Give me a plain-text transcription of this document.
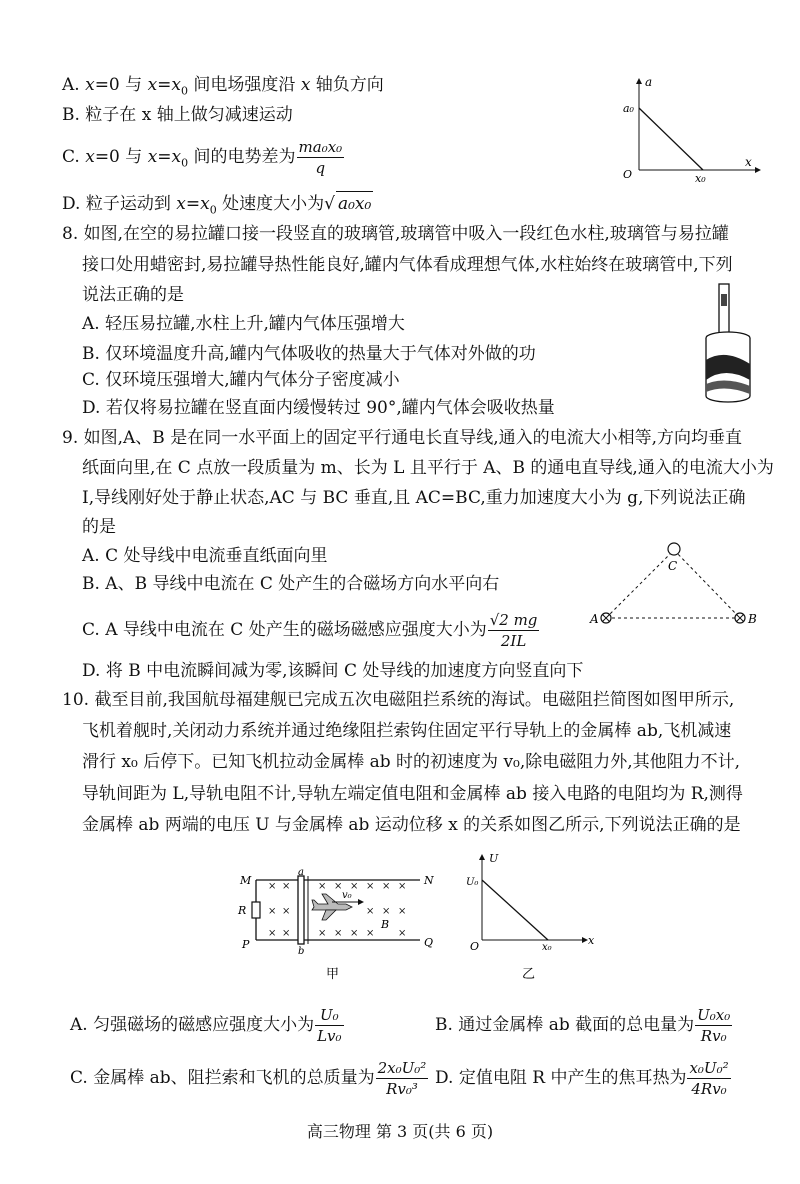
A. x=0 与 $x=x_0$ 间电场强度沿 x 轴负方向
B. 粒子在 x 轴上做匀减速运动
C. x=0 与 $x=x_0$ 间的电势差为 $\frac{\text{ma₀x₀}}{q}$
D. 粒子运动到 $x=x_0$ 处速度大小为√ a₀x₀
a
x
O
a₀
x₀
8. 如图,在空的易拉罐口接一段竖直的玻璃管,玻璃管中吸入一段红色水柱,玻璃管与易拉罐
接口处用蜡密封,易拉罐导热性能良好,罐内气体看成理想气体,水柱始终在玻璃管中,下列
说法正确的是
A. 轻压易拉罐,水柱上升,罐内气体压强增大
B. 仅环境温度升高,罐内气体吸收的热量大于气体对外做的功
C. 仅环境压强增大,罐内气体分子密度减小
D. 若仅将易拉罐在竖直面内缓慢转过 90°,罐内气体会吸收热量
9. 如图,A、B 是在同一水平面上的固定平行通电长直导线,通入的电流大小相等,方向均垂直
纸面向里,在 C 点放一段质量为 m、长为 L 且平行于 A、B 的通电直导线,通入的电流大小为
I,导线刚好处于静止状态,AC 与 BC 垂直,且 AC=BC,重力加速度大小为 g,下列说法正确
的是
A. C 处导线中电流垂直纸面向里
B. A、B 导线中电流在 C 处产生的合磁场方向水平向右
C. A 导线中电流在 C 处产生的磁场磁感应强度大小为 $\frac{√2 mg}{2IL}$
D. 将 B 中电流瞬间减为零,该瞬间 C 处导线的加速度方向竖直向下
C
A	B
10. 截至目前,我国航母福建舰已完成五次电磁阻拦系统的海试。电磁阻拦简图如图甲所示,
飞机着舰时,关闭动力系统并通过绝缘阻拦索钩住固定平行导轨上的金属棒 ab,飞机减速
滑行 x₀ 后停下。已知飞机拉动金属棒 ab 时的初速度为 v₀,除电磁阻力外,其他阻力不计,
导轨间距为 L,导轨电阻不计,导轨左端定值电阻和金属棒 ab 接入电路的电阻均为 R,测得
金属棒 ab 两端的电压 U 与金属棒 ab 运动位移 x 的关系如图乙所示,下列说法正确的是
× ×	× × × × × ×
× ×	× × ×
× ×	× × × × ×
M	N
P	Q
R
a
b
v₀
B
甲
U
x
O
U₀
x₀
乙
A. 匀强磁场的磁感应强度大小为 $\frac{\text{U₀}}{\text{Lv₀}}$	B. 通过金属棒 ab 截面的总电量为 $\frac{\text{U₀x₀}}{\text{Rv₀}}$
C. 金属棒 ab、阻拦索和飞机的总质量为 $\frac{\text{2x₀U₀²}}{\text{Rv₀³}} D$. 定值电阻 R 中产生的焦耳热为 $\frac{\text{x₀U₀²}}{\text{4Rv₀}}$
高三物理 第 3 页(共 6 页)
